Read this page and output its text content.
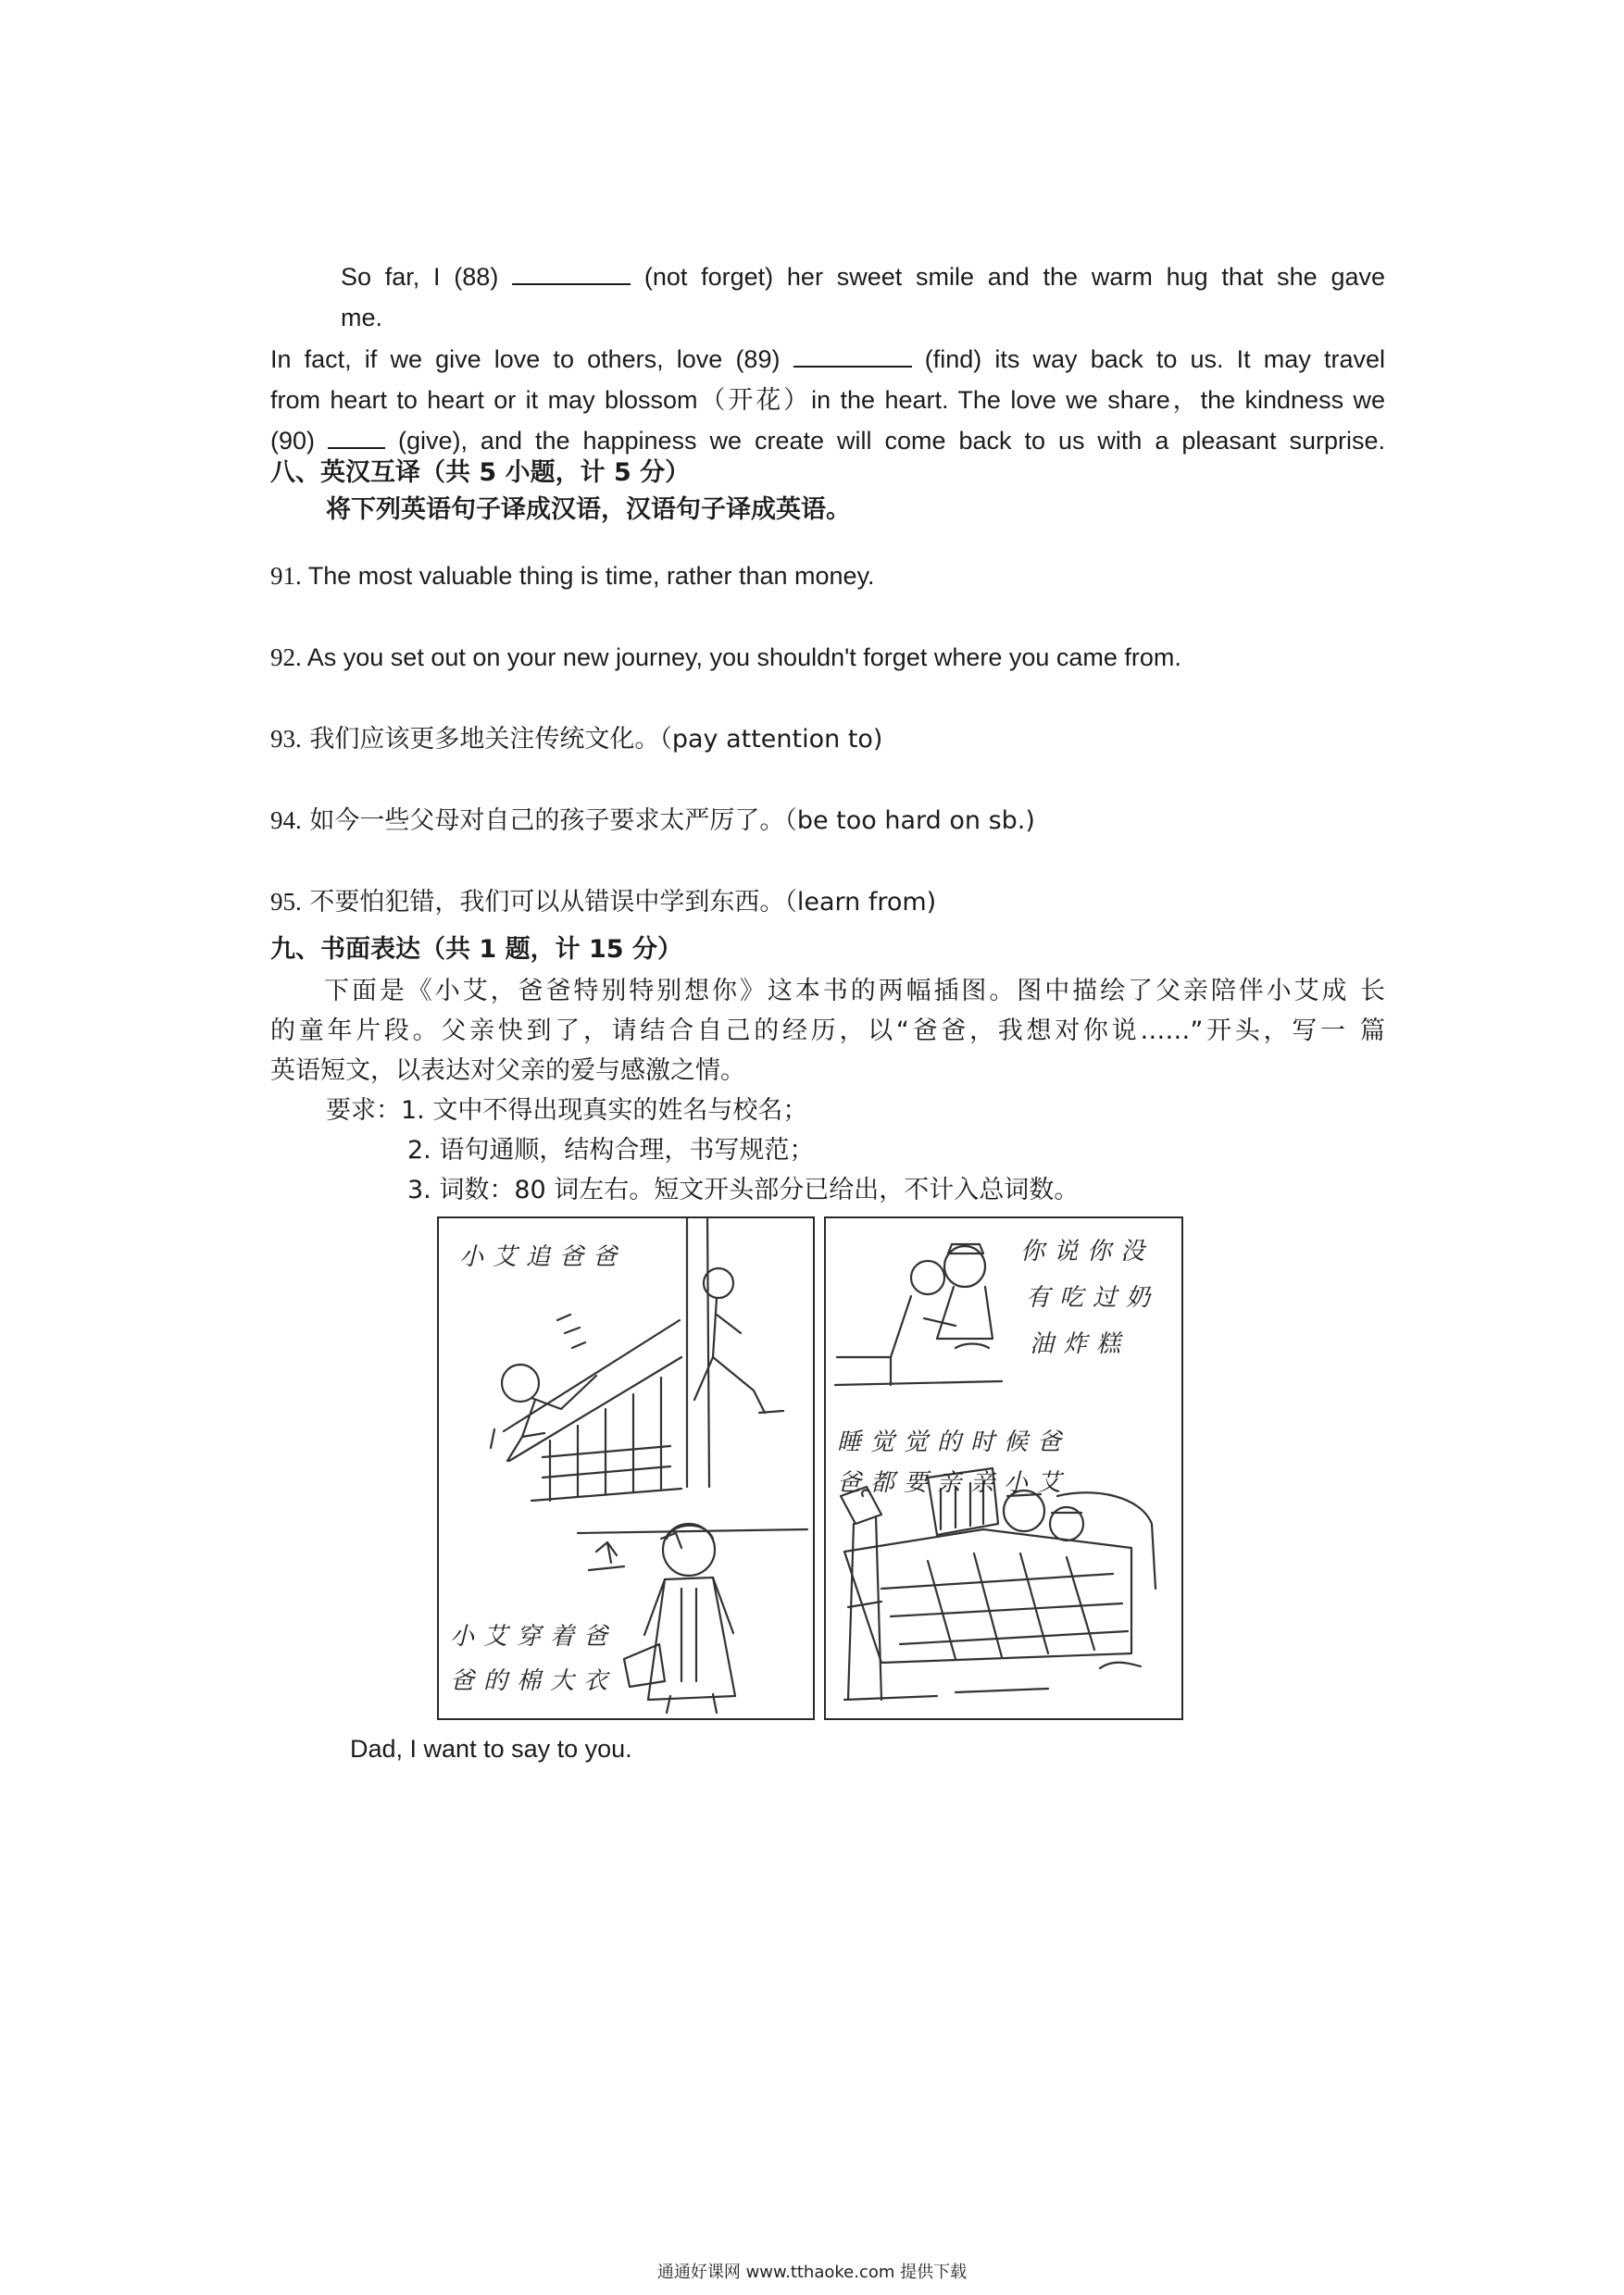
So far, I (88)	(not forget) her sweet smile and the warm hug that she gave
me.
In fact, if we give love to others, love (89)	(find) its way back to us. It may travel
from heart to heart or it may blossom（开花）in the heart. The love we share，the kindness we
(90)	(give), and the happiness we create will come back to us with a pleasant surprise.
八、英汉互译（共 5 小题，计 5 分）
将下列英语句子译成汉语，汉语句子译成英语。
91. The most valuable thing is time, rather than money.
92. As you set out on your new journey, you shouldn't forget where you came from.
93. 我们应该更多地关注传统文化。（pay attention to)
94. 如今一些父母对自己的孩子要求太严厉了。（be too hard on sb.)
95. 不要怕犯错，我们可以从错误中学到东西。（learn from)
九、书面表达（共 1 题，计 15 分）
下面是《小艾，爸爸特别特别想你》这本书的两幅插图。图中描绘了父亲陪伴小艾成 长
的童年片段。父亲快到了，请结合自己的经历，以“爸爸，我想对你说……”开头，写一 篇
英语短文，以表达对父亲的爱与感激之情。
要求：1. 文中不得出现真实的姓名与校名；
2. 语句通顺，结构合理，书写规范；
3. 词数：80 词左右。短文开头部分已给出，不计入总词数。
小艾追爸爸
小艾穿着爸
爸的棉大衣
你说你没
有吃过奶
油炸糕
睡觉觉的时候爸
爸都要亲亲小艾
Dad, I want to say to you.
通通好课网 www.tthaoke.com 提供下载
